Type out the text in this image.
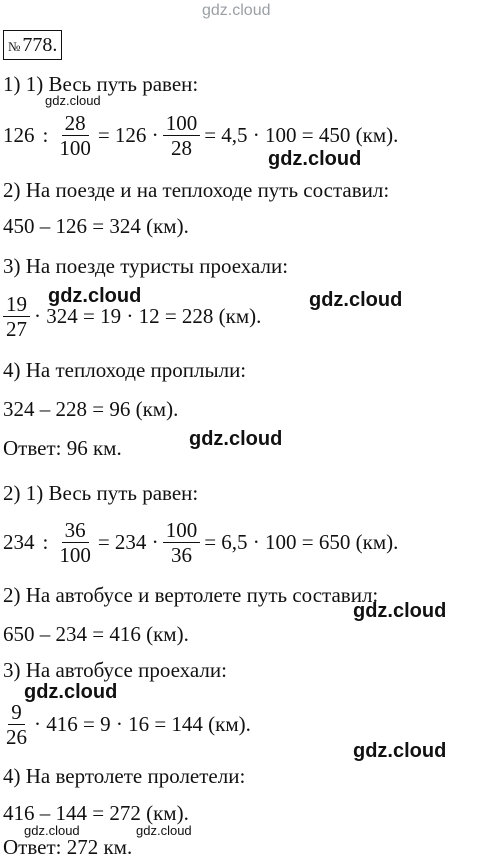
gdz.cloud
№ 778.
1) 1) Весь путь равен:
126 : $\frac{28}{100} = 126 \cdot \frac{100}{28} = 4,5 \cdot 100 = 450$ (км).
2) На поезде и на теплоходе путь составил:
450 – 126 = 324 (км).
3) На поезде туристы проехали:
$\frac{19}{27} \cdot 324 = 19 \cdot 12 = 228$ (км).
4) На теплоходе проплыли:
324 – 228 = 96 (км).
Ответ: 96 км.
2) 1) Весь путь равен:
234 : $\frac{36}{100} = 234 \cdot \frac{100}{36} = 6,5 \cdot 100 = 650$ (км).
2) На автобусе и вертолете путь составил:
650 – 234 = 416 (км).
3) На автобусе проехали:
$\frac{9}{26} \cdot 416 = 9 \cdot 16 = 144$ (км).
4) На вертолете пролетели:
416 – 144 = 272 (км).
Ответ: 272 км.
gdz.cloud
gdz.cloud
gdz.cloud	gdz.cloud
gdz.cloud
gdz.cloud
gdz.cloud
gdz.cloud
gdz.cloud	gdz.cloud
